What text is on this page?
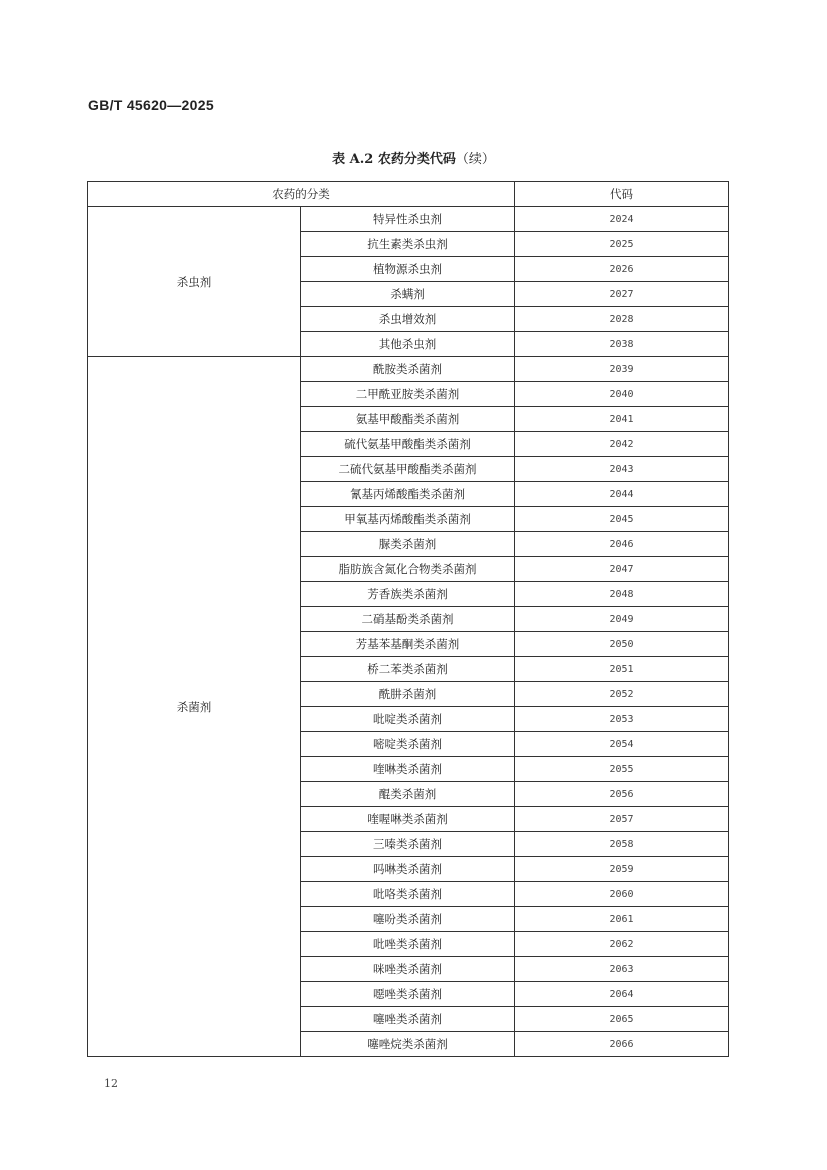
GB/T 45620—2025
表 A.2 农药分类代码（续）
农药的分类		代码
杀虫剂	特异性杀虫剂	2024
	抗生素类杀虫剂	2025
	植物源杀虫剂	2026
	杀螨剂	2027
	杀虫增效剂	2028
	其他杀虫剂	2038
杀菌剂	酰胺类杀菌剂	2039
	二甲酰亚胺类杀菌剂	2040
	氨基甲酸酯类杀菌剂	2041
	硫代氨基甲酸酯类杀菌剂	2042
	二硫代氨基甲酸酯类杀菌剂	2043
	氰基丙烯酸酯类杀菌剂	2044
	甲氧基丙烯酸酯类杀菌剂	2045
	脲类杀菌剂	2046
	脂肪族含氮化合物类杀菌剂	2047
	芳香族类杀菌剂	2048
	二硝基酚类杀菌剂	2049
	芳基苯基酮类杀菌剂	2050
	桥二苯类杀菌剂	2051
	酰肼杀菌剂	2052
	吡啶类杀菌剂	2053
	嘧啶类杀菌剂	2054
	喹啉类杀菌剂	2055
	醌类杀菌剂	2056
	喹喔啉类杀菌剂	2057
	三嗪类杀菌剂	2058
	吗啉类杀菌剂	2059
	吡咯类杀菌剂	2060
	噻吩类杀菌剂	2061
	吡唑类杀菌剂	2062
	咪唑类杀菌剂	2063
	噁唑类杀菌剂	2064
	噻唑类杀菌剂	2065
	噻唑烷类杀菌剂	2066
12
